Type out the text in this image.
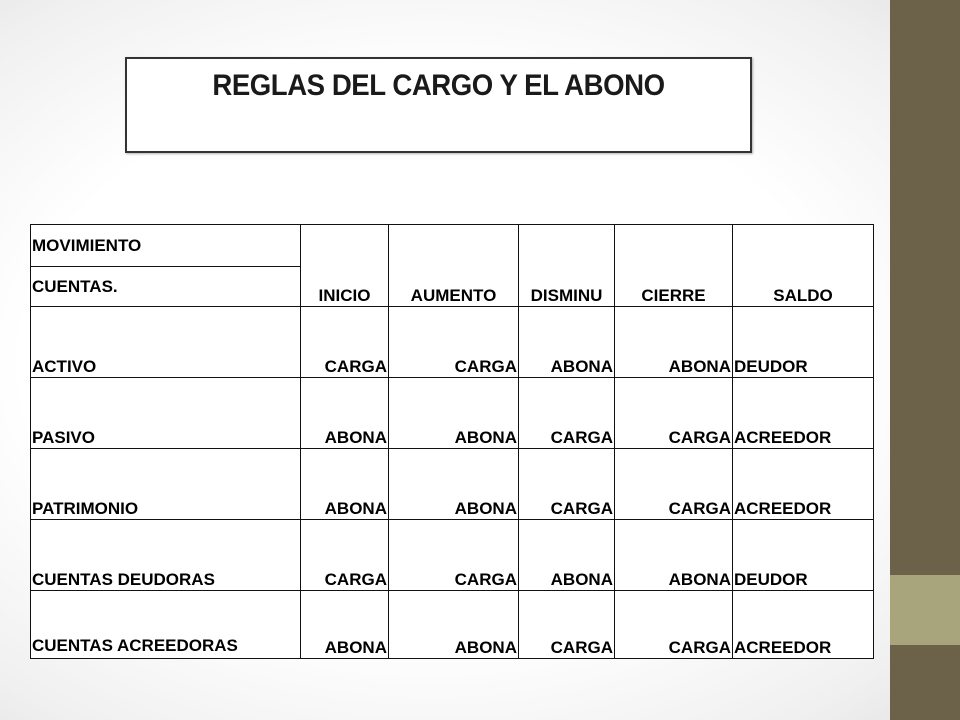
REGLAS DEL CARGO Y EL ABONO
MOVIMIENTO	INICIO	AUMENTO	DISMINU	CIERRE	SALDO
CUENTAS.					
ACTIVO	CARGA	CARGA	ABONA	ABONA	DEUDOR
PASIVO	ABONA	ABONA	CARGA	CARGA	ACREEDOR
PATRIMONIO	ABONA	ABONA	CARGA	CARGA	ACREEDOR
CUENTAS DEUDORAS	CARGA	CARGA	ABONA	ABONA	DEUDOR
CUENTAS ACREEDORAS	ABONA	ABONA	CARGA	CARGA	ACREEDOR
